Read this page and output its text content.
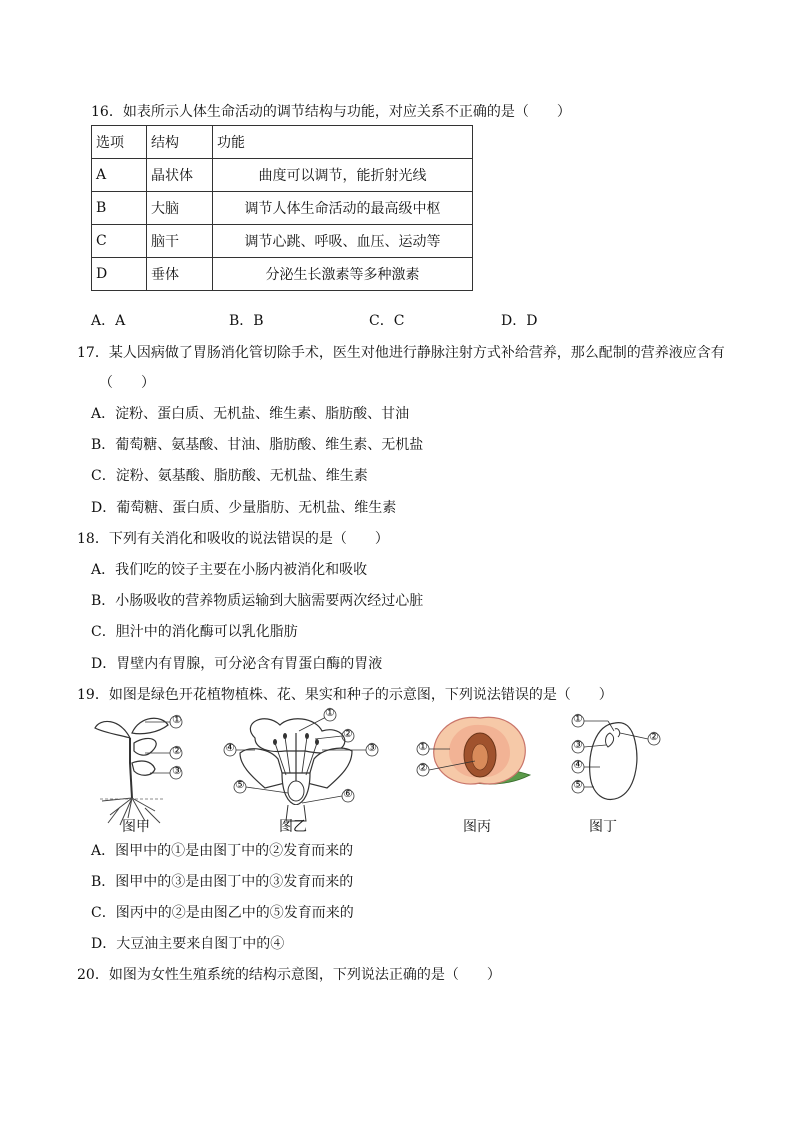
16．如表所示人体生命活动的调节结构与功能，对应关系不正确的是（　　）
选项	结构	功能
A	晶状体	曲度可以调节，能折射光线
B	大脑	调节人体生命活动的最高级中枢
C	脑干	调节心跳、呼吸、血压、运动等
D	垂体	分泌生长激素等多种激素
A．A	B．B	C．C	D．D
17．某人因病做了胃肠消化管切除手术，医生对他进行静脉注射方式补给营养，那么配制的营养液应含有
（　　）
A．淀粉、蛋白质、无机盐、维生素、脂肪酸、甘油
B．葡萄糖、氨基酸、甘油、脂肪酸、维生素、无机盐
C．淀粉、氨基酸、脂肪酸、无机盐、维生素
D．葡萄糖、蛋白质、少量脂肪、无机盐、维生素
18．下列有关消化和吸收的说法错误的是（　　）
A．我们吃的饺子主要在小肠内被消化和吸收
B．小肠吸收的营养物质运输到大脑需要两次经过心脏
C．胆汁中的消化酶可以乳化脂肪
D．胃壁内有胃腺，可分泌含有胃蛋白酶的胃液
19．如图是绿色开花植物植株、花、果实和种子的示意图，下列说法错误的是（　　）
①
②
③
①
②
③
④
⑤
⑥
①
②
①
②
③
④
⑤
图甲	图乙	图丙	图丁
A．图甲中的①是由图丁中的②发育而来的
B．图甲中的③是由图丁中的③发育而来的
C．图丙中的②是由图乙中的⑤发育而来的
D．大豆油主要来自图丁中的④
20．如图为女性生殖系统的结构示意图，下列说法正确的是（　　）
